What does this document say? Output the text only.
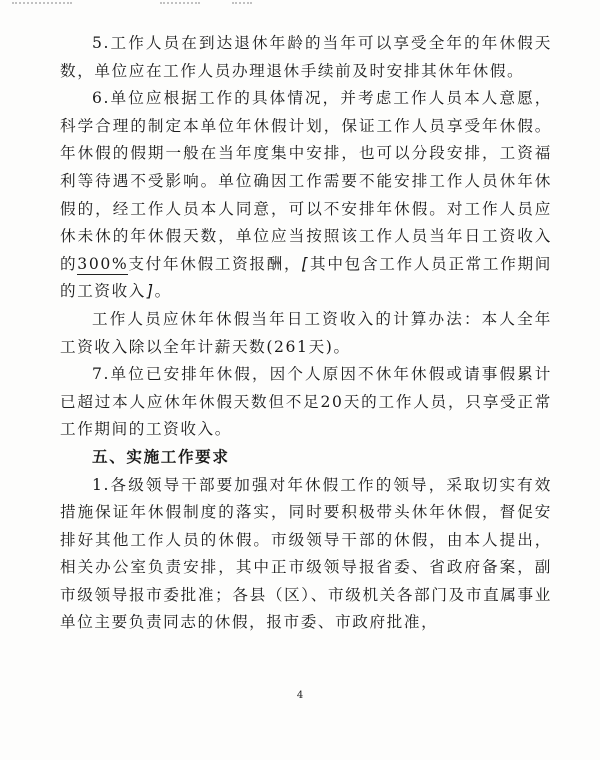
5.工作人员在到达退休年龄的当年可以享受全年的年休假天数，单位应在工作人员办理退休手续前及时安排其休年休假。

6.单位应根据工作的具体情况，并考虑工作人员本人意愿，科学合理的制定本单位年休假计划，保证工作人员享受年休假。年休假的假期一般在当年度集中安排，也可以分段安排，工资福利等待遇不受影响。单位确因工作需要不能安排工作人员休年休假的，经工作人员本人同意，可以不安排年休假。对工作人员应休未休的年休假天数，单位应当按照该工作人员当年日工资收入的300%支付年休假工资报酬，[ 其中包含工作人员正常工作期间的工资收入 ] 。

工作人员应休年休假当年日工资收入的计算办法：本人全年工资收入除以全年计薪天数(261天)。

7.单位已安排年休假，因个人原因不休年休假或请事假累计已超过本人应休年休假天数但不足20天的工作人员，只享受正常工作期间的工资收入。

五、实施工作要求

1.各级领导干部要加强对年休假工作的领导，采取切实有效措施保证年休假制度的落实，同时要积极带头休年休假，督促安排好其他工作人员的休假。市级领导干部的休假，由本人提出，相关办公室负责安排，其中正市级领导报省委、省政府备案，副市级领导报市委批准；各县（区）、市级机关各部门及市直属事业单位主要负责同志的休假，报市委、市政府批准，

4
